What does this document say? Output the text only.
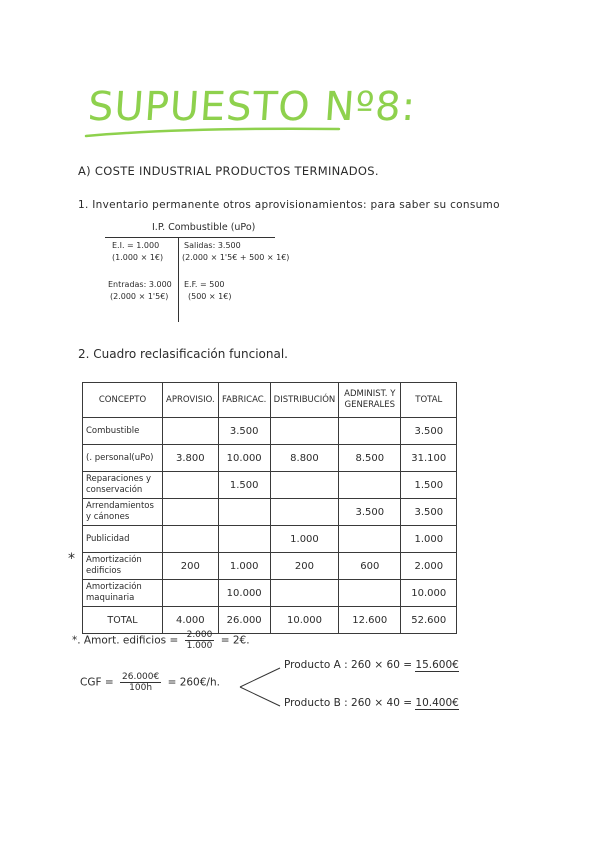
SUPUESTO Nº8:
A) COSTE INDUSTRIAL PRODUCTOS TERMINADOS.
1. Inventario permanente otros aprovisionamientos: para saber su consumo
I.P. Combustible (uPo)
E.I. = 1.000
(1.000 × 1€)
Entradas: 3.000
(2.000 × 1'5€)
Salidas: 3.500
(2.000 × 1'5€ + 500 × 1€)
E.F. = 500
(500 × 1€)
2. Cuadro reclasificación funcional.
*
CONCEPTO	APROVISIO.	FABRICAC.	DISTRIBUCIÓN	ADMINIST. Y GENERALES	TOTAL
Combustible		3.500			3.500
(. personal(uPo)	3.800	10.000	8.800	8.500	31.100
Reparaciones y conservación		1.500			1.500
Arrendamientos y cánones				3.500	3.500
Publicidad			1.000		1.000
Amortización edificios	200	1.000	200	600	2.000
Amortización maquinaria		10.000			10.000
TOTAL	4.000	26.000	10.000	12.600	52.600
*. Amort. edificios = $\frac{2.000}{1.000}$ = 2€.
CGF = $\frac{26.000€}{100h}$ = 260€/h.
Producto A : 260 × 60 = 15.600€
Producto B : 260 × 40 = 10.400€
